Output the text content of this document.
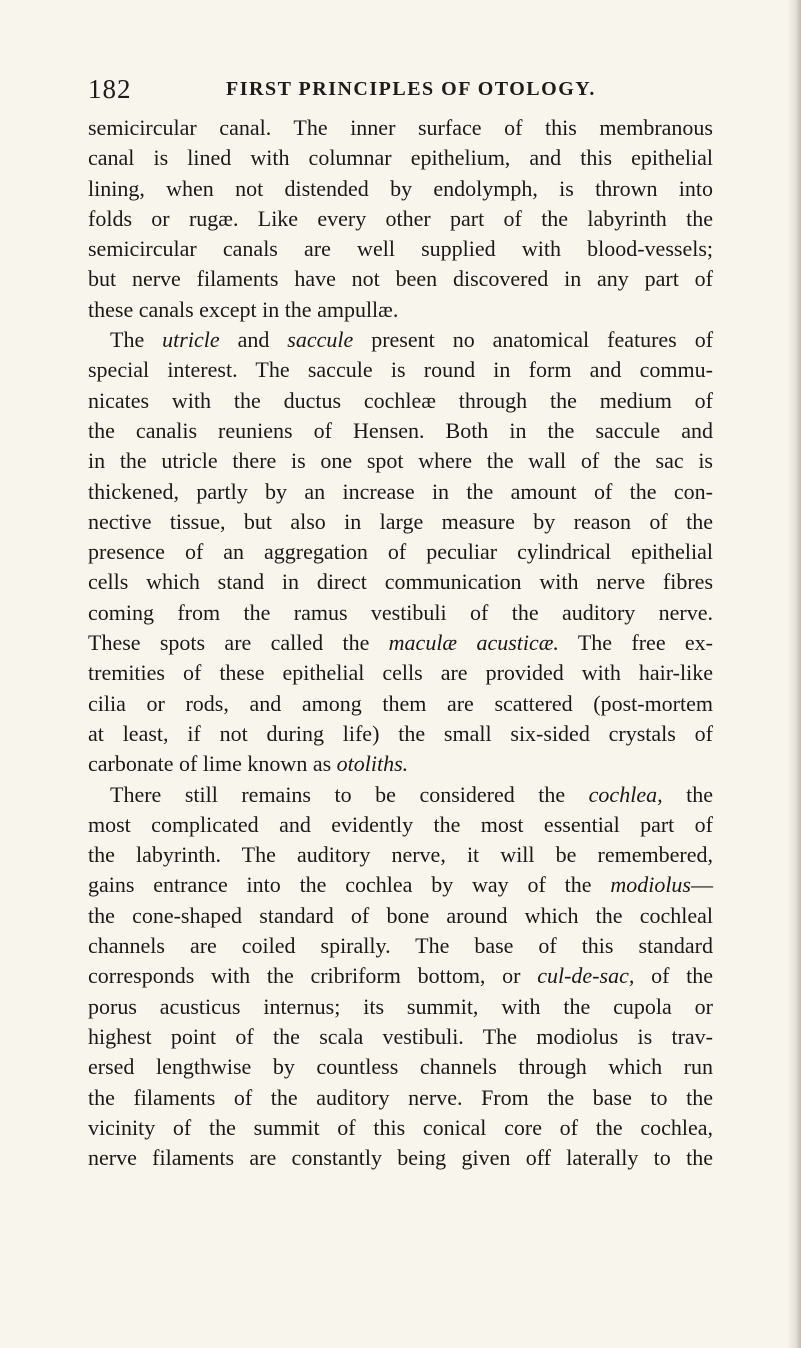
182	FIRST PRINCIPLES OF OTOLOGY.
semicircular canal. The inner surface of this membranous
canal is lined with columnar epithelium, and this epithelial
lining, when not distended by endolymph, is thrown into
folds or rugæ. Like every other part of the labyrinth the
semicircular canals are well supplied with blood-vessels;
but nerve filaments have not been discovered in any part of
these canals except in the ampullæ.
The utricle and saccule present no anatomical features of
special interest. The saccule is round in form and commu-
nicates with the ductus cochleæ through the medium of
the canalis reuniens of Hensen. Both in the saccule and
in the utricle there is one spot where the wall of the sac is
thickened, partly by an increase in the amount of the con-
nective tissue, but also in large measure by reason of the
presence of an aggregation of peculiar cylindrical epithelial
cells which stand in direct communication with nerve fibres
coming from the ramus vestibuli of the auditory nerve.
These spots are called the maculæ acusticæ. The free ex-
tremities of these epithelial cells are provided with hair-like
cilia or rods, and among them are scattered (post-mortem
at least, if not during life) the small six-sided crystals of
carbonate of lime known as otoliths.
There still remains to be considered the cochlea, the
most complicated and evidently the most essential part of
the labyrinth. The auditory nerve, it will be remembered,
gains entrance into the cochlea by way of the modiolus—
the cone-shaped standard of bone around which the cochleal
channels are coiled spirally. The base of this standard
corresponds with the cribriform bottom, or cul-de-sac, of the
porus acusticus internus; its summit, with the cupola or
highest point of the scala vestibuli. The modiolus is trav-
ersed lengthwise by countless channels through which run
the filaments of the auditory nerve. From the base to the
vicinity of the summit of this conical core of the cochlea,
nerve filaments are constantly being given off laterally to the
